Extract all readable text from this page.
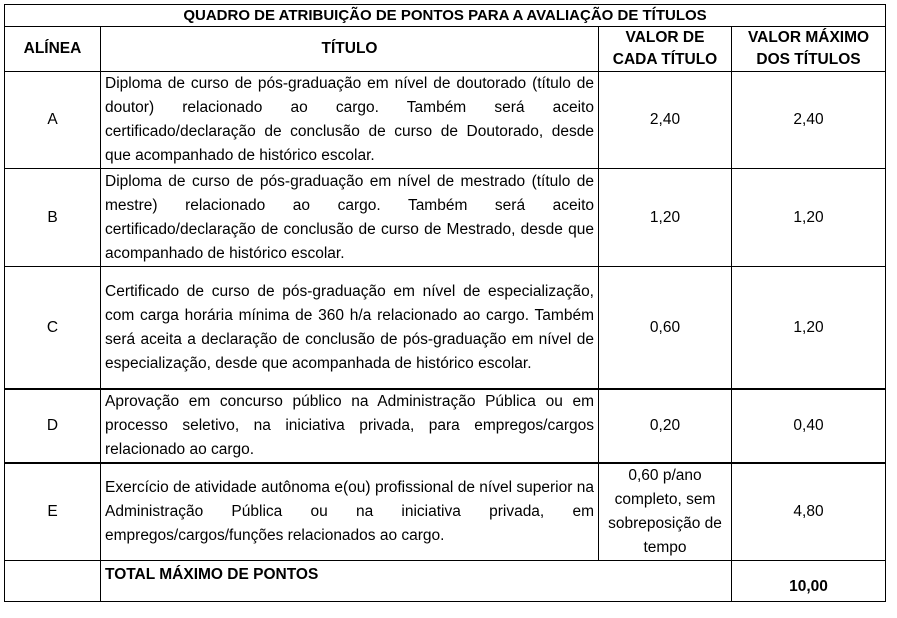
QUADRO DE ATRIBUIÇÃO DE PONTOS PARA A AVALIAÇÃO DE TÍTULOS			
ALÍNEA	TÍTULO	VALOR DE CADA TÍTULO	VALOR MÁXIMO DOS TÍTULOS
A	Diploma de curso de pós-graduação em nível de doutorado (título de doutor) relacionado ao cargo. Também será aceito certificado/declaração de conclusão de curso de Doutorado, desde que acompanhado de histórico escolar.	2,40	2,40
B	Diploma de curso de pós-graduação em nível de mestrado (título de mestre) relacionado ao cargo. Também será aceito certificado/declaração de conclusão de curso de Mestrado, desde que acompanhado de histórico escolar.	1,20	1,20
C	Certificado de curso de pós-graduação em nível de especialização, com carga horária mínima de 360 h/a relacionado ao cargo. Também será aceita a declaração de conclusão de pós-graduação em nível de especialização, desde que acompanhada de histórico escolar.	0,60	1,20
D	Aprovação em concurso público na Administração Pública ou em processo seletivo, na iniciativa privada, para empregos/cargos relacionado ao cargo.	0,20	0,40
E	Exercício de atividade autônoma e(ou) profissional de nível superior na Administração Pública ou na iniciativa privada, em empregos/cargos/funções relacionados ao cargo.	0,60 p/ano completo, sem sobreposição de tempo	4,80
	TOTAL MÁXIMO DE PONTOS		10,00
